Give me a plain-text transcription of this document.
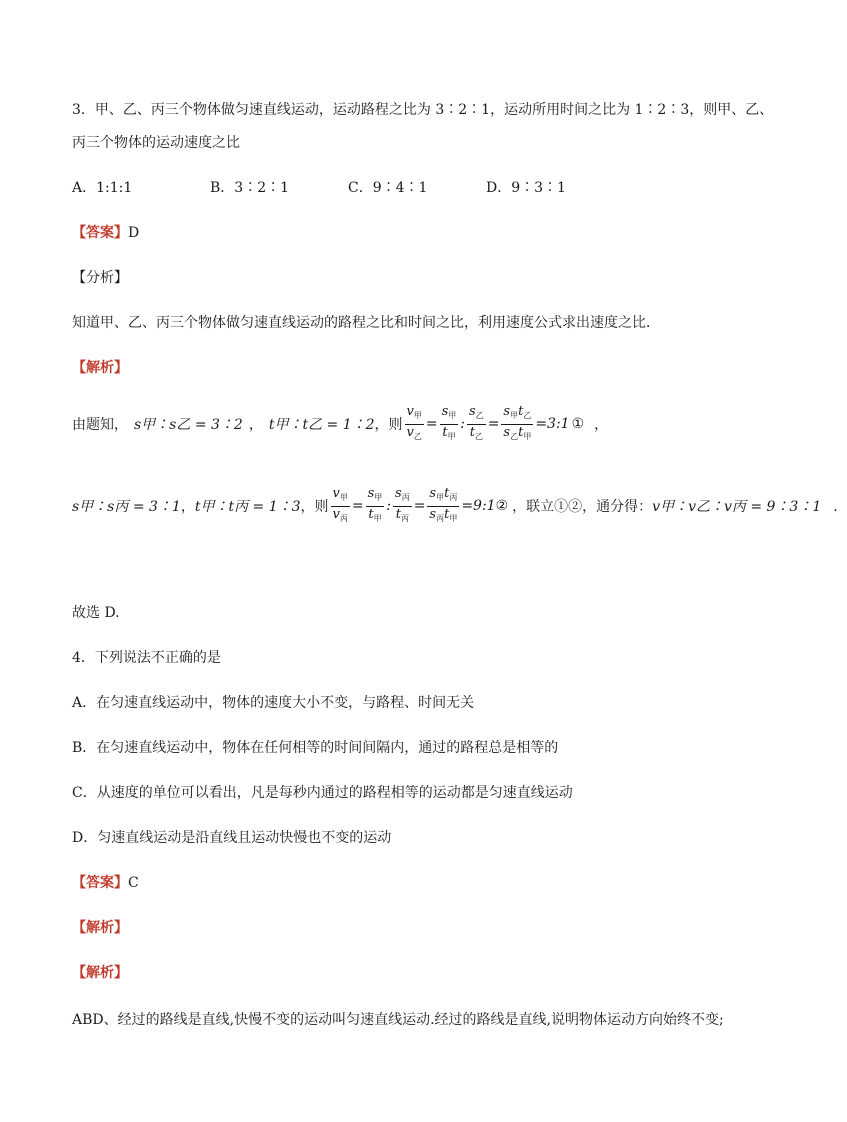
3．甲、乙、丙三个物体做匀速直线运动，运动路程之比为 3∶2∶1，运动所用时间之比为 1∶2∶3，则甲、乙、
丙三个物体的运动速度之比
A．1:1:1	B．3∶2∶1	C．9∶4∶1	D．9∶3∶1
【答案】D
【分析】
知道甲、乙、丙三个物体做匀速直线运动的路程之比和时间之比，利用速度公式求出速度之比．
【解析】
由题知， s甲∶s乙 = 3∶2 ， t甲∶t乙 = 1∶2 ，则 $\frac{v_甲}{v_乙} = \frac{s_甲}{t_甲}$ : $\frac{s_乙}{t_乙} = \frac{s_甲t_乙}{s_乙t_甲}$ =3:1 ① ，
s甲∶s丙 = 3∶1 ， t甲∶t丙 = 1∶3 ，则 $\frac{v_甲}{v_丙} = \frac{s_甲}{t_甲}$ : $\frac{s_丙}{t_丙} = \frac{s_甲t_丙}{s_丙t_甲}$ =9:1 ② ，联立①②，通分得： v甲∶v乙∶v丙 = 9∶3∶1 ．
故选 D.
4．下列说法不正确的是
A．在匀速直线运动中，物体的速度大小不变，与路程、时间无关
B．在匀速直线运动中，物体在任何相等的时间间隔内，通过的路程总是相等的
C．从速度的单位可以看出，凡是每秒内通过的路程相等的运动都是匀速直线运动
D．匀速直线运动是沿直线且运动快慢也不变的运动
【答案】C
【解析】
【解析】
ABD、经过的路线是直线,快慢不变的运动叫匀速直线运动.经过的路线是直线,说明物体运动方向始终不变;
